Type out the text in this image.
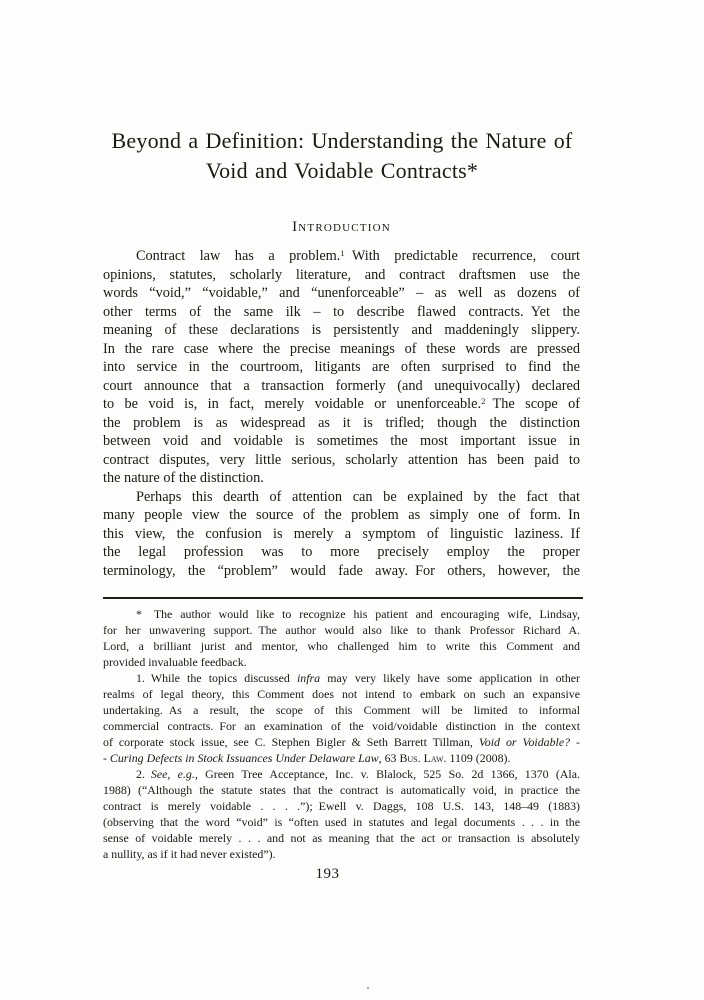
Beyond a Definition: Understanding the Nature of
Void and Voidable Contracts*
Introduction
Contract law has a problem.$^1$ With predictable recurrence, court
opinions, statutes, scholarly literature, and contract draftsmen use the
words “void,” “voidable,” and “unenforceable” – as well as dozens of
other terms of the same ilk – to describe flawed contracts. Yet the
meaning of these declarations is persistently and maddeningly slippery.
In the rare case where the precise meanings of these words are pressed
into service in the courtroom, litigants are often surprised to find the
court announce that a transaction formerly (and unequivocally) declared
to be void is, in fact, merely voidable or unenforceable.$^2$ The scope of
the problem is as widespread as it is trifled; though the distinction
between void and voidable is sometimes the most important issue in
contract disputes, very little serious, scholarly attention has been paid to
the nature of the distinction.
Perhaps this dearth of attention can be explained by the fact that
many people view the source of the problem as simply one of form. In
this view, the confusion is merely a symptom of linguistic laziness. If
the legal profession was to more precisely employ the proper
terminology, the “problem” would fade away. For others, however, the
*  The author would like to recognize his patient and encouraging wife, Lindsay,
for her unwavering support. The author would also like to thank Professor Richard A.
Lord, a brilliant jurist and mentor, who challenged him to write this Comment and
provided invaluable feedback.
1. While the topics discussed infra may very likely have some application in other
realms of legal theory, this Comment does not intend to embark on such an expansive
undertaking. As a result, the scope of this Comment will be limited to informal
commercial contracts. For an examination of the void/voidable distinction in the context
of corporate stock issue, see C. Stephen Bigler & Seth Barrett Tillman, Void or Voidable? -
- Curing Defects in Stock Issuances Under Delaware Law, 63 Bus. Law. 1109 (2008).
2. See, e.g., Green Tree Acceptance, Inc. v. Blalock, 525 So. 2d 1366, 1370 (Ala.
1988) (“Although the statute states that the contract is automatically void, in practice the
contract is merely voidable . . . .”); Ewell v. Daggs, 108 U.S. 143, 148–49 (1883)
(observing that the word “void” is “often used in statutes and legal documents . . . in the
sense of voidable merely . . . and not as meaning that the act or transaction is absolutely
a nullity, as if it had never existed”).
193
